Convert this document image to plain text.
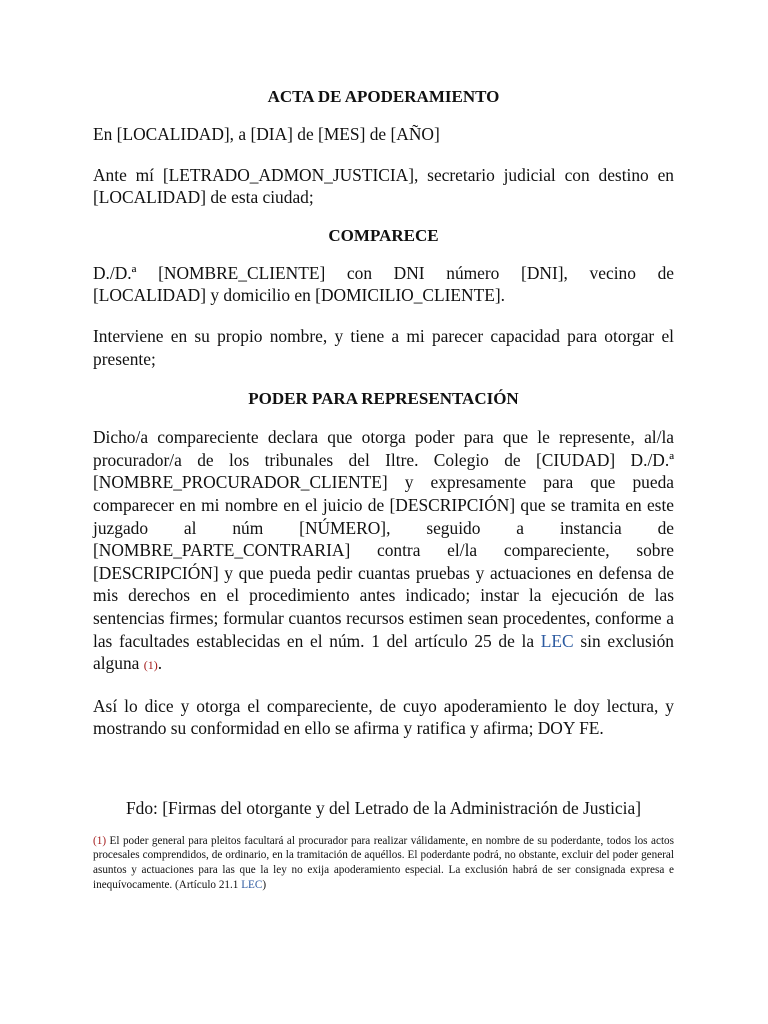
ACTA DE APODERAMIENTO

En [LOCALIDAD], a [DIA] de [MES] de [AÑO]

Ante mí [LETRADO_ADMON_JUSTICIA], secretario judicial con destino en [LOCALIDAD] de esta ciudad;

COMPARECE

D./D.ª [NOMBRE_CLIENTE] con DNI número [DNI], vecino de

[LOCALIDAD] y domicilio en [DOMICILIO_CLIENTE].

Interviene en su propio nombre, y tiene a mi parecer capacidad para otorgar el presente;

PODER PARA REPRESENTACIÓN

Dicho/a compareciente declara que otorga poder para que le represente, al/la procurador/a de los tribunales del Iltre. Colegio de [CIUDAD] D./D.ª [NOMBRE_PROCURADOR_CLIENTE] y expresamente para que pueda comparecer en mi nombre en el juicio de [DESCRIPCIÓN] que se tramita en este juzgado al núm [NÚMERO], seguido a instancia de [NOMBRE_PARTE_CONTRARIA] contra el/la compareciente, sobre [DESCRIPCIÓN] y que pueda pedir cuantas pruebas y actuaciones en defensa de mis derechos en el procedimiento antes indicado; instar la ejecución de las sentencias firmes; formular cuantos recursos estimen sean procedentes, conforme a las facultades establecidas en el núm. 1 del artículo 25 de la LEC sin exclusión alguna (1).

Así lo dice y otorga el compareciente, de cuyo apoderamiento le doy lectura, y mostrando su conformidad en ello se afirma y ratifica y afirma; DOY FE.

Fdo: [Firmas del otorgante y del Letrado de la Administración de Justicia]

(1) El poder general para pleitos facultará al procurador para realizar válidamente, en nombre de su poderdante, todos los actos procesales comprendidos, de ordinario, en la tramitación de aquéllos. El poderdante podrá, no obstante, excluir del poder general asuntos y actuaciones para las que la ley no exija apoderamiento especial. La exclusión habrá de ser consignada expresa e inequívocamente. (Artículo 21.1 LEC)
